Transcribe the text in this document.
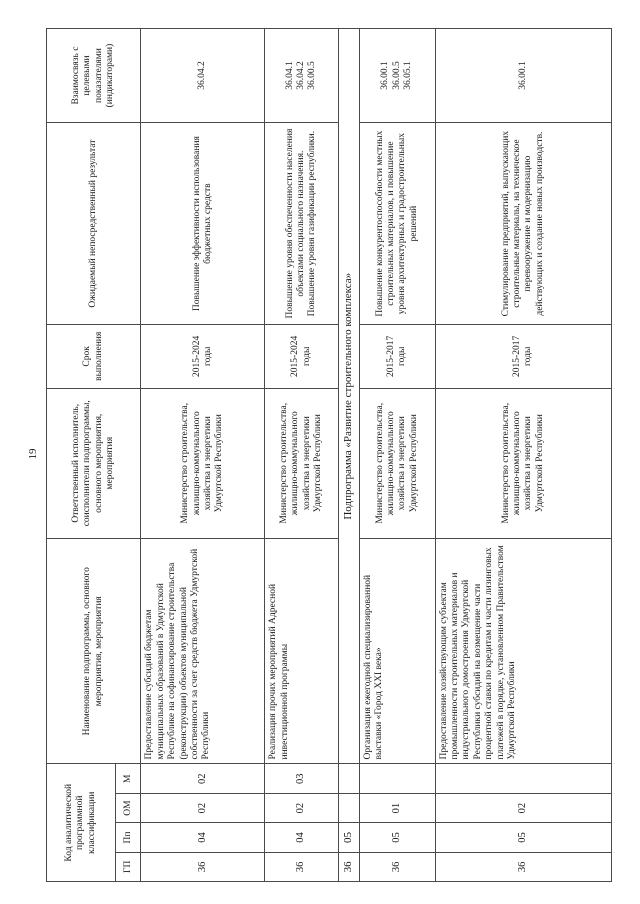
19
Код аналитической программной классификации				Наименование подпрограммы, основного мероприятия, мероприятия	Ответственный исполнитель, соисполнители подпрограммы, основного мероприятия, мероприятия	Срок выполнения	Ожидаемый непосредственный результат	Взаимосвязь с целевыми показателями (индикаторами)
ГП	Пп	ОМ	М					
36	04	02	02	Предоставление субсидий бюджетам муниципальных образований в Удмуртской Республике на софинансирование строительства (реконструкции) объектов муниципальной собственности за счет средств бюджета Удмуртской Республики	Министерство строительства, жилищно-коммунального хозяйства и энергетики Удмуртской Республики	2015-2024 годы	Повышение эффективности использования бюджетных средств	36.04.2

36	04	02	03	Реализация прочих мероприятий Адресной инвестиционной программы	Министерство строительства, жилищно-коммунального хозяйства и энергетики Удмуртской Республики	2015-2024 годы	Повышение уровня обеспеченности населения объектами социального назначения. Повышение уровня газификации республики.	36.04.1 36.04.2 36.00.5

36	05			Подпрограмма «Развитие строительного комплекса»				
36	05	01		Организация ежегодной специализированной выставки «Город XXI века»	Министерство строительства, жилищно-коммунального хозяйства и энергетики Удмуртской Республики	2015-2017 годы	Повышение конкурентоспособности местных строительных материалов, и повышение уровня архитектурных и градостроительных решений	36.00.1 36.00.5 36.05.1

36	05	02		Предоставление хозяйствующим субъектам промышленности строительных материалов и индустриального домостроения Удмуртской Республики субсидий на возмещение части процентной ставки по кредитам и части лизинговых платежей в порядке, установленном Правительством Удмуртской Республики	Министерство строительства, жилищно-коммунального хозяйства и энергетики Удмуртской Республики	2015-2017 годы	Стимулирование предприятий, выпускающих строительные материалы, на техническое перевооружение и модернизацию действующих и создание новых производств.	36.00.1
